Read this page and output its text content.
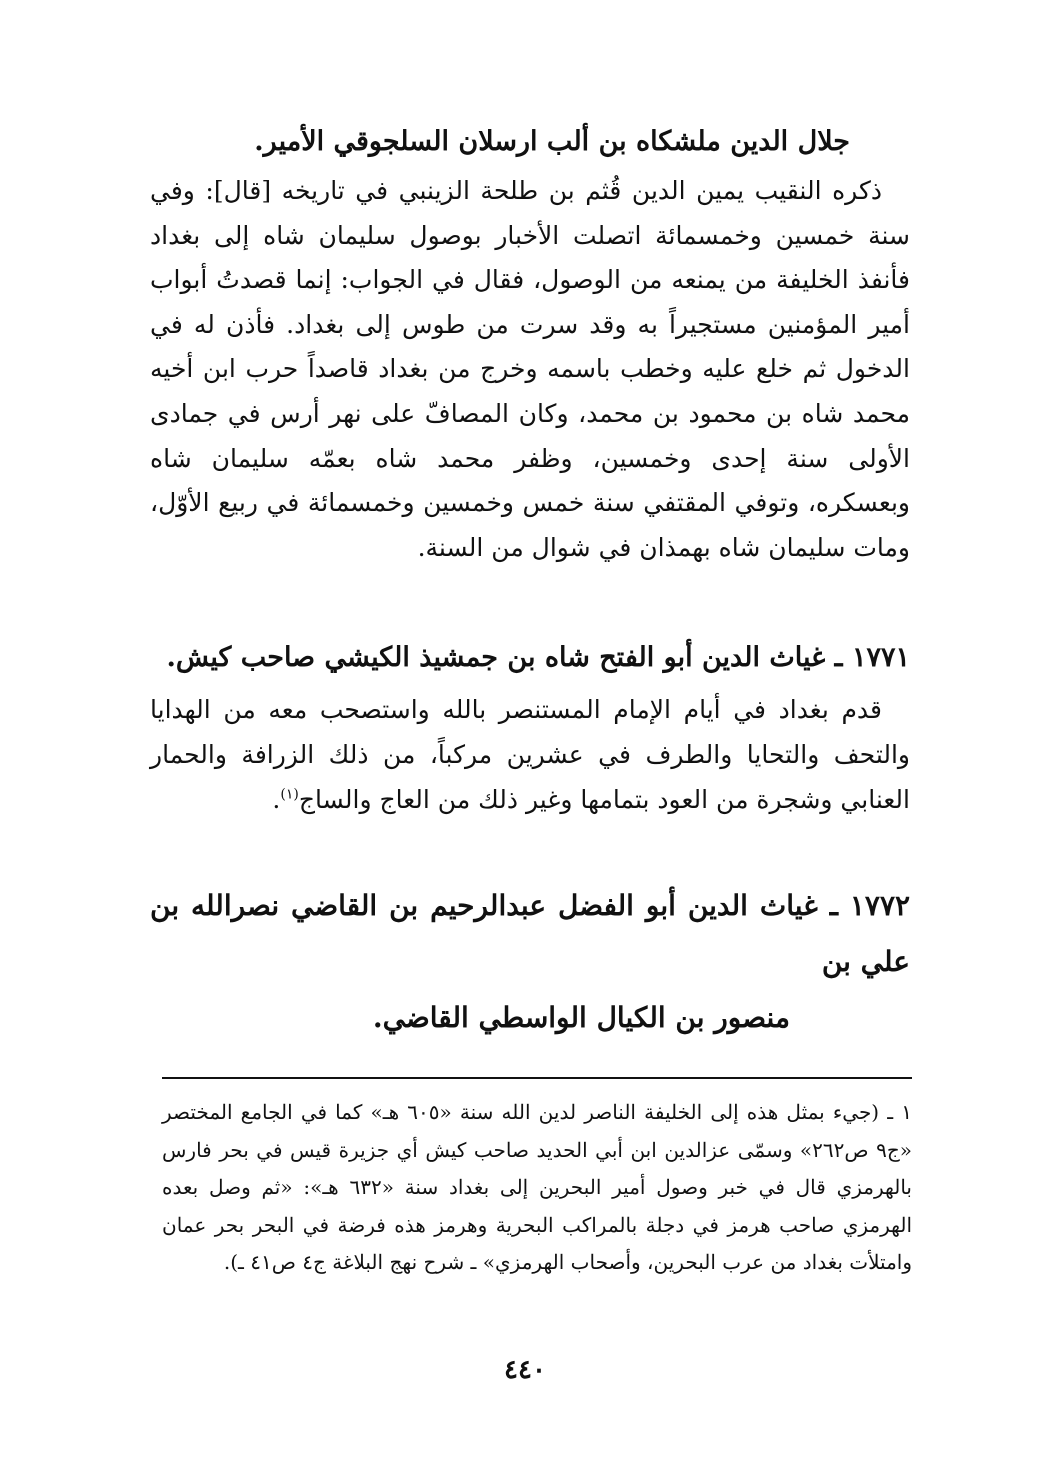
جلال الدين ملشكاه بن ألب ارسلان السلجوقي الأمير.

ذكره النقيب يمين الدين قُثم بن طلحة الزينبي في تاريخه [قال]: وفي سنة خمسين وخمسمائة اتصلت الأخبار بوصول سليمان شاه إلى بغداد فأنفذ الخليفة من يمنعه من الوصول، فقال في الجواب: إنما قصدتُ أبواب أمير المؤمنين مستجيراً به وقد سرت من طوس إلى بغداد. فأذن له في الدخول ثم خلع عليه وخطب باسمه وخرج من بغداد قاصداً حرب ابن أخيه محمد شاه بن محمود بن محمد، وكان المصافّ على نهر أرس في جمادى الأولى سنة إحدى وخمسين، وظفر محمد شاه بعمّه سليمان شاه وبعسكره، وتوفي المقتفي سنة خمس وخمسين وخمسمائة في ربيع الأوّل، ومات سليمان شاه بهمذان في شوال من السنة.

١٧٧١ ـ غياث الدين أبو الفتح شاه بن جمشيذ الكيشي صاحب كيش.

قدم بغداد في أيام الإمام المستنصر بالله واستصحب معه من الهدايا والتحف والتحايا والطرف في عشرين مركباً، من ذلك الزرافة والحمار العنابي وشجرة من العود بتمامها وغير ذلك من العاج والساج$^{(١)}$.

١٧٧٢ ـ غياث الدين أبو الفضل عبدالرحيم بن القاضي نصرالله بن علي بن
منصور بن الكيال الواسطي القاضي.

١ ـ (جيء بمثل هذه إلى الخليفة الناصر لدين الله سنة «٦٠٥ هـ» كما في الجامع المختصر «ج٩ ص٢٦٢» وسمّى عزالدين ابن أبي الحديد صاحب كيش أي جزيرة قيس في بحر فارس بالهرمزي قال في خبر وصول أمير البحرين إلى بغداد سنة «٦٣٢ هـ»: «ثم وصل بعده الهرمزي صاحب هرمز في دجلة بالمراكب البحرية وهرمز هذه فرضة في البحر بحر عمان وامتلأت بغداد من عرب البحرين، وأصحاب الهرمزي» ـ شرح نهج البلاغة ج٤ ص٤١ ـ).

٤٤٠
